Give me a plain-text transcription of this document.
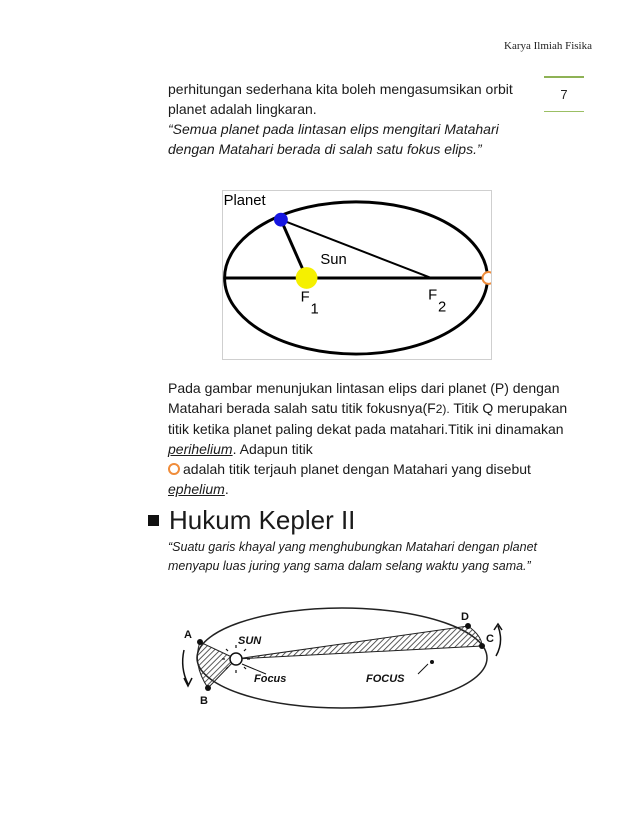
Karya Ilmiah Fisika
7

perhitungan sederhana kita boleh mengasumsikan orbit planet adalah lingkaran.

“Semua planet pada lintasan elips mengitari Matahari dengan Matahari berada di salah satu fokus elips.”

Planet
Sun
F
1
F
2

Pada gambar menunjukan lintasan elips dari planet (P) dengan Matahari berada salah satu titik fokusnya(F2). Titik Q merupakan titik ketika planet paling dekat pada matahari.Titik ini dinamakan perihelium. Adapun titik
adalah titik terjauh planet dengan Matahari yang disebut ephelium.

Hukum Kepler II

“Suatu garis khayal yang menghubungkan Matahari dengan planet menyapu luas juring yang sama dalam selang waktu yang sama.”

A
B
C
D
SUN
Focus	FOCUS
